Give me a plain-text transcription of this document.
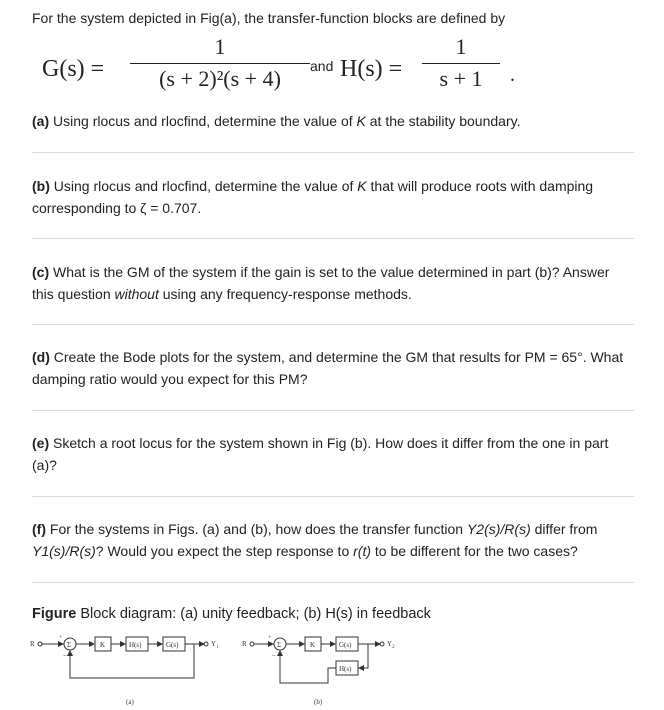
For the system depicted in Fig(a), the transfer-function blocks are defined by
G(s) =
1
(s + 2)²(s + 4)	and H(s) =
1
s + 1	.
(a) Using rlocus and rlocfind, determine the value of K at the stability boundary.
(b) Using rlocus and rlocfind, determine the value of K that will produce roots with damping corresponding to ζ = 0.707.
(c) What is the GM of the system if the gain is set to the value determined in part (b)? Answer this question without using any frequency-response methods.
(d) Create the Bode plots for the system, and determine the GM that results for PM = 65°. What damping ratio would you expect for this PM?
(e) Sketch a root locus for the system shown in Fig (b). How does it differ from the one in part (a)?
(f) For the systems in Figs. (a) and (b), how does the transfer function Y2(s)/R(s) differ from Y1(s)/R(s)? Would you expect the step response to r(t) to be different for the two cases?
Figure Block diagram: (a) unity feedback; (b) H(s) in feedback
R
+
Σ
−
K	H(s)	G(s)	$Y_1$
(a)
R
+
Σ
−
K	G(s)	$Y_2$
H(s)
(b)
